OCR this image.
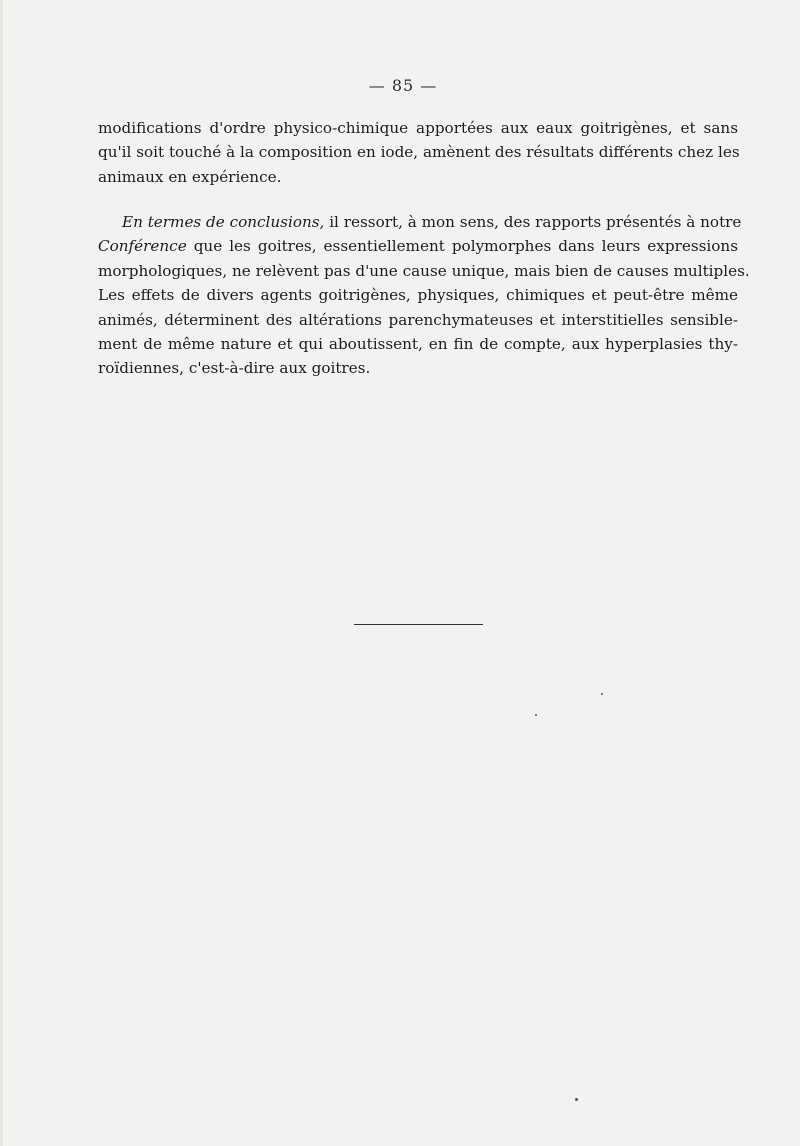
— 85 —
modifications d'ordre physico-chimique apportées aux eaux goitrigènes, et sans
qu'il soit touché à la composition en iode, amènent des résultats différents chez les
animaux en expérience.
En termes de conclusions, il ressort, à mon sens, des rapports présentés à notre
Conférence que les goitres, essentiellement polymorphes dans leurs expressions
morphologiques, ne relèvent pas d'une cause unique, mais bien de causes multiples.
Les effets de divers agents goitrigènes, physiques, chimiques et peut-être même
animés, déterminent des altérations parenchymateuses et interstitielles sensible-
ment de même nature et qui aboutissent, en fin de compte, aux hyperplasies thy-
roïdiennes, c'est-à-dire aux goitres.
